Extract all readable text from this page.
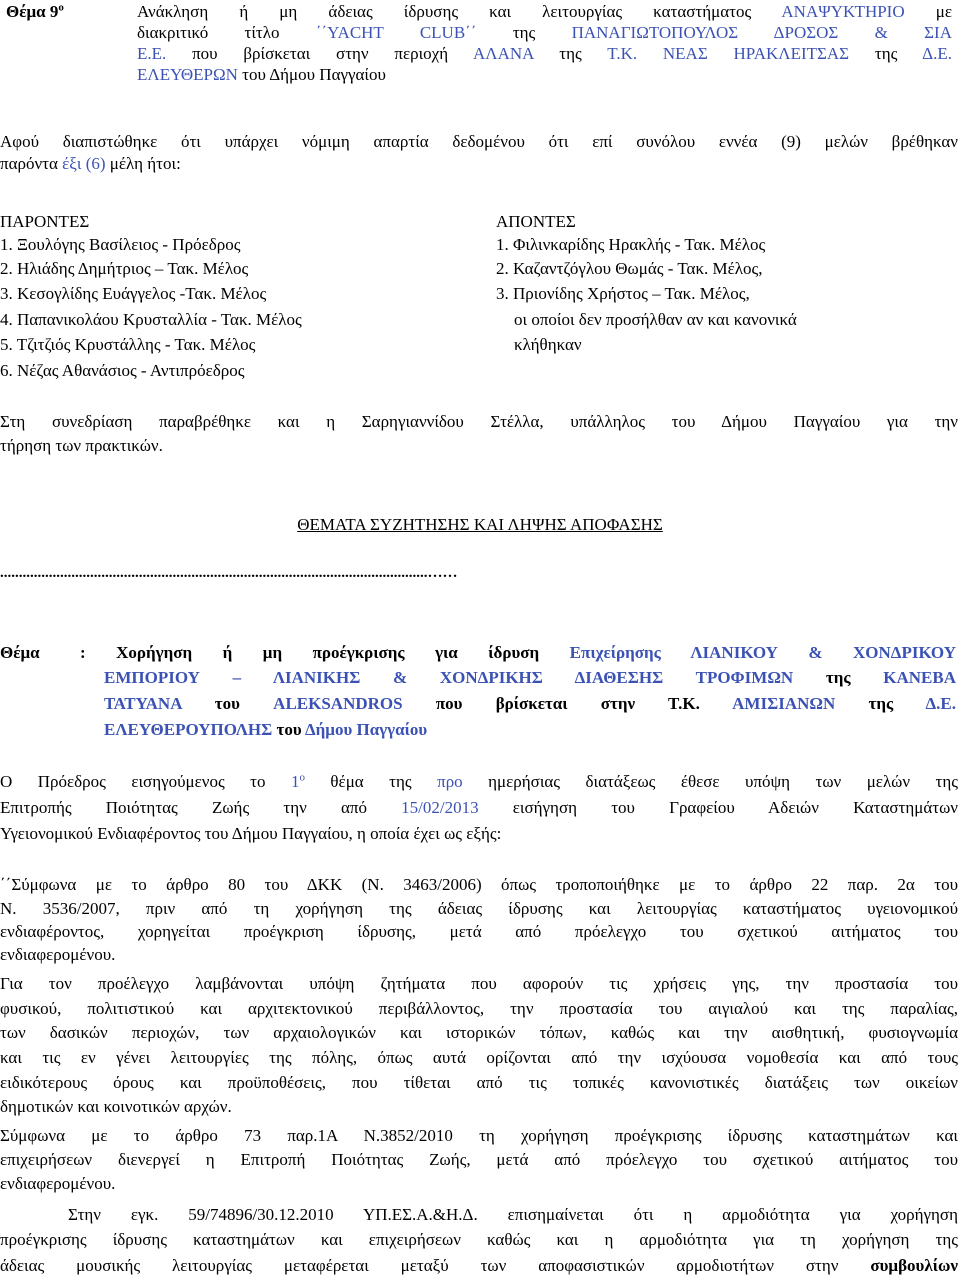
Θέμα $9^o$	Ανάκληση ή μη άδειας ίδρυσης και λειτουργίας καταστήματος ΑΝΑΨΥΚΤΗΡΙΟ με
διακριτικό τίτλο ΄΄YACHT CLUB΄΄ της ΠΑΝΑΓΙΩΤΟΠΟΥΛΟΣ ΔΡΟΣΟΣ & ΣΙΑ
Ε.Ε. που βρίσκεται στην περιοχή ΑΛΑΝΑ της Τ.Κ. ΝΕΑΣ ΗΡΑΚΛΕΙΤΣΑΣ της Δ.Ε.
ΕΛΕΥΘΕΡΩΝ του Δήμου Παγγαίου
Αφού διαπιστώθηκε ότι υπάρχει νόμιμη απαρτία δεδομένου ότι επί συνόλου εννέα (9) μελών βρέθηκαν
παρόντα έξι (6) μέλη ήτοι:
ΠΑΡΟΝΤΕΣ
1. Ξουλόγης Βασίλειος - Πρόεδρος
2. Ηλιάδης Δημήτριος – Τακ. Μέλος
3. Κεσογλίδης Ευάγγελος -Τακ. Μέλος
4. Παπανικολάου Κρυσταλλία - Τακ. Μέλος
5. Τζιτζιός Κρυστάλλης - Τακ. Μέλος
6. Νέζας Αθανάσιος - Αντιπρόεδρος
ΑΠΟΝΤΕΣ
1. Φιλινκαρίδης Ηρακλής - Τακ. Μέλος
2. Καζαντζόγλου Θωμάς - Τακ. Μέλος,
3. Πριονίδης Χρήστος – Τακ. Μέλος,
οι οποίοι δεν προσήλθαν αν και κανονικά
κλήθηκαν
Στη συνεδρίαση παραβρέθηκε και η Σαρηγιαννίδου Στέλλα, υπάλληλος του Δήμου Παγγαίου για την
τήρηση των πρακτικών.
ΘΕΜΑΤΑ ΣΥΖΗΤΗΣΗΣ ΚΑΙ ΛΗΨΗΣ ΑΠΟΦΑΣΗΣ
..................................................................................................................……
Θέμα : Χορήγηση ή μη προέγκρισης για ίδρυση Επιχείρησης ΛΙΑΝΙΚΟΥ & ΧΟΝΔΡΙΚΟΥ
ΕΜΠΟΡΙΟΥ – ΛΙΑΝΙΚΗΣ & ΧΟΝΔΡΙΚΗΣ ΔΙΑΘΕΣΗΣ ΤΡΟΦΙΜΩΝ της ΚΑΝΕΒΑ
ΤΑΤΥΑΝΑ του ALEKSANDROS που βρίσκεται στην Τ.Κ. ΑΜΙΣΙΑΝΩΝ της Δ.Ε.
ΕΛΕΥΘΕΡΟΥΠΟΛΗΣ του Δήμου Παγγαίου
Ο Πρόεδρος εισηγούμενος το $1^o$ θέμα της προ ημερήσιας διατάξεως έθεσε υπόψη των μελών της
Επιτροπής Ποιότητας Ζωής την από 15/02/2013 εισήγηση του Γραφείου Αδειών Καταστημάτων
Υγειονομικού Ενδιαφέροντος του Δήμου Παγγαίου, η οποία έχει ως εξής:
΄΄Σύμφωνα με το άρθρο 80 του ΔΚΚ (Ν. 3463/2006) όπως τροποποιήθηκε με το άρθρο 22 παρ. 2α του
Ν. 3536/2007, πριν από τη χορήγηση της άδειας ίδρυσης και λειτουργίας καταστήματος υγειονομικού
ενδιαφέροντος, χορηγείται προέγκριση ίδρυσης, μετά από πρόελεγχο του σχετικού αιτήματος του
ενδιαφερομένου.
Για τον προέλεγχο λαμβάνονται υπόψη ζητήματα που αφορούν τις χρήσεις γης, την προστασία του
φυσικού, πολιτιστικού και αρχιτεκτονικού περιβάλλοντος, την προστασία του αιγιαλού και της παραλίας,
των δασικών περιοχών, των αρχαιολογικών και ιστορικών τόπων, καθώς και την αισθητική, φυσιογνωμία
και τις εν γένει λειτουργίες της πόλης, όπως αυτά ορίζονται από την ισχύουσα νομοθεσία και από τους
ειδικότερους όρους και προϋποθέσεις, που τίθεται από τις τοπικές κανονιστικές διατάξεις των οικείων
δημοτικών και κοινοτικών αρχών.
Σύμφωνα με το άρθρο 73 παρ.1Α Ν.3852/2010 τη χορήγηση προέγκρισης ίδρυσης καταστημάτων και
επιχειρήσεων διενεργεί η Επιτροπή Ποιότητας Ζωής, μετά από πρόελεγχο του σχετικού αιτήματος του
ενδιαφερομένου.
Στην εγκ. 59/74896/30.12.2010 ΥΠ.ΕΣ.Α.&Η.Δ. επισημαίνεται ότι η αρμοδιότητα για χορήγηση
προέγκρισης ίδρυσης καταστημάτων και επιχειρήσεων καθώς και η αρμοδιότητα για τη χορήγηση της
άδειας μουσικής λειτουργίας μεταφέρεται μεταξύ των αποφασιστικών αρμοδιοτήτων στην συμβουλίων
